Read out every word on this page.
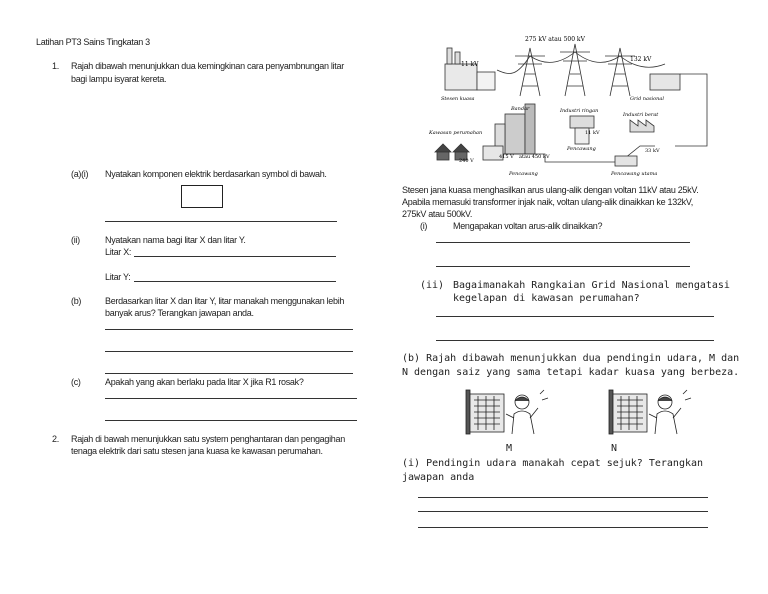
Latihan PT3 Sains Tingkatan 3
1. Rajah dibawah menunjukkan dua kemingkinan cara penyambnungan litar
bagi lampu isyarat kereta.
(a)(i) Nyatakan komponen elektrik berdasarkan symbol di bawah.
(ii)	Nyatakan nama bagi litar X dan litar Y.
Litar X:
Litar Y:
(b)	Berdasarkan litar X dan litar Y, litar manakah menggunakan lebih
banyak arus? Terangkan jawapan anda.
(c)	Apakah yang akan berlaku pada litar X jika R1 rosak?
2. Rajah di bawah menunjukkan satu system penghantaran dan pengagihan
tenaga elektrik dari satu stesen jana kuasa ke kawasan perumahan.
275 kV atau 500 kV
11 kV
132 kV
Stesen kuasa	Grid nasional
Bandar	Industri ringan
Industri berat
11 kV
Kawasan perumahan
240 V
415 V atau 450 kV
33 kV
Pencawang
Pencawang
Pencawang utama
Stesen jana kuasa menghasilkan arus ulang-alik dengan voltan 11kV atau 25kV.
Apabila memasuki transformer injak naik, voltan ulang-alik dinaikkan ke 132kV,
275kV atau 500kV.
(i)	Mengapakan voltan arus-alik dinaikkan?
(ii) Bagaimanakah Rangkaian Grid Nasional mengatasi
kegelapan di kawasan perumahan?
(b) Rajah dibawah menunjukkan dua pendingin udara, M dan
N dengan saiz yang sama tetapi kadar kuasa yang berbeza.
M	N
(i) Pendingin udara manakah cepat sejuk? Terangkan
jawapan anda
